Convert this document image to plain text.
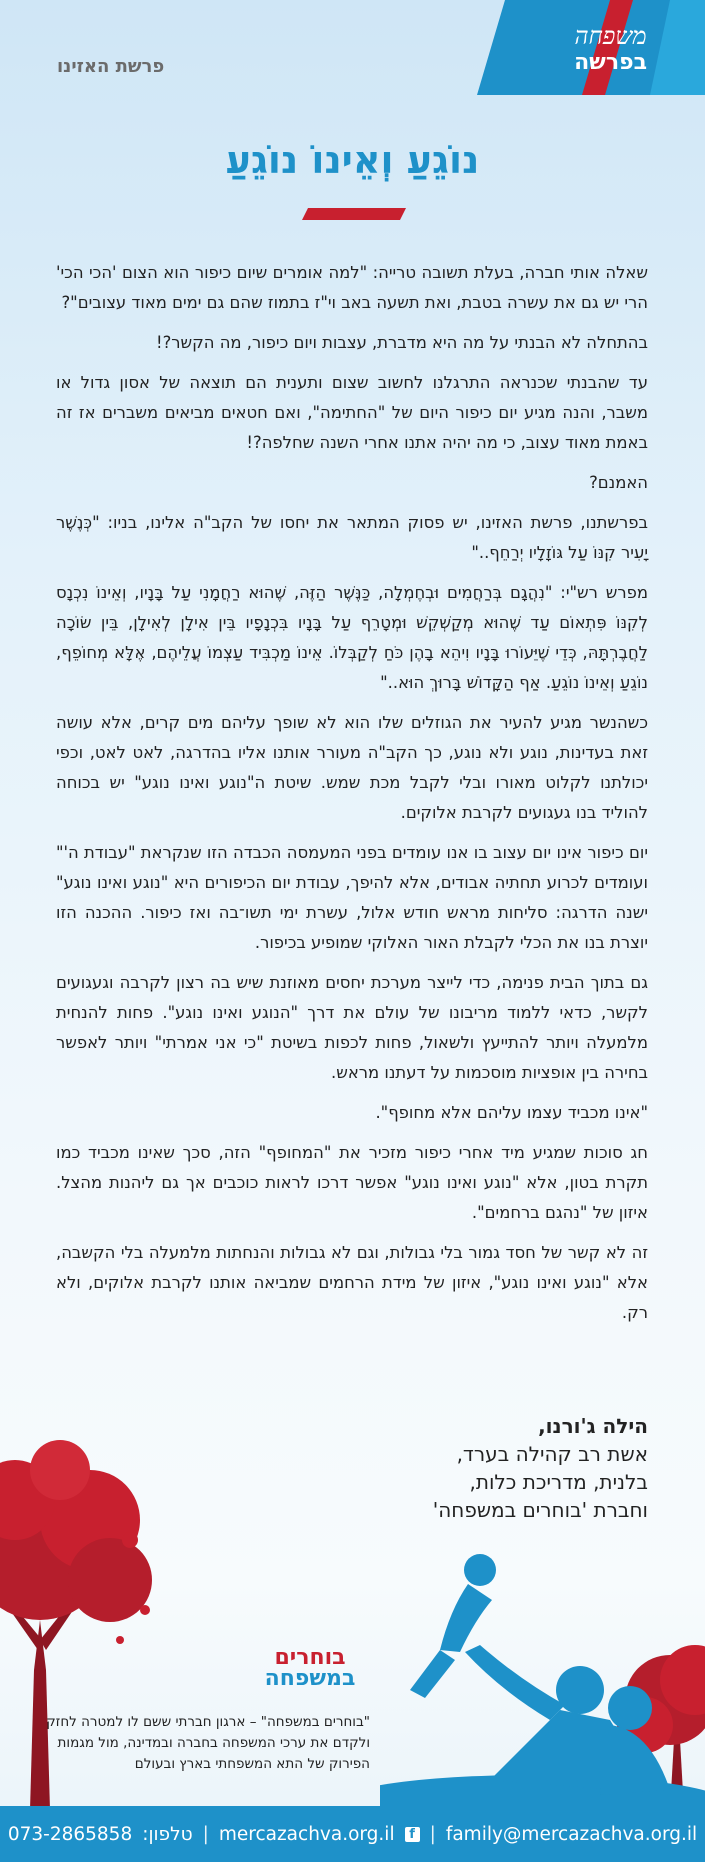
משפחה
בפרשה
פרשת האזינו
נוֹגֵעַ וְאֵינוֹ נוֹגֵעַ

שאלה אותי חברה, בעלת תשובה טרייה: "למה אומרים שיום כיפור הוא הצום 'הכי הכי' הרי יש גם את עשרה בטבת, ואת תשעה באב וי"ז בתמוז שהם גם ימים מאוד עצובים"?

בהתחלה לא הבנתי על מה היא מדברת, עצבות ויום כיפור, מה הקשר?!

עד שהבנתי שכנראה התרגלנו לחשוב שצום ותענית הם תוצאה של אסון גדול או משבר, והנה מגיע יום כיפור היום של "החתימה", ואם חטאים מביאים משברים אז זה באמת מאוד עצוב, כי מה יהיה אתנו אחרי השנה שחלפה?!

האמנם?

בפרשתנו, פרשת האזינו, יש פסוק המתאר את יחסו של הקב"ה אלינו, בניו: "כְּנֶשֶׁר יָעִיר קִנּוֹ עַל גּוֹזָלָיו יְרַחֵף.."

מפרש רש"י: "נִהֲגָם בְּרַחֲמִים וּבְחֶמְלָה, כַּנֶּשֶׁר הַזֶּה, שֶׁהוּא רַחֲמָנִי עַל בָּנָיו, וְאֵינוֹ נִכְנָס לְקִנּוֹ פִּתְאוֹם עַד שֶׁהוּא מְקַשְׁקֵשׁ וּמְטָרֵף עַל בָּנָיו בִּכְנָפָיו בֵּין אִילָן לְאִילָן, בֵּין שׂוֹכָה לַחֲבֶרְתָּהּ, כְּדֵי שֶׁיֵּעוֹרוּ בָּנָיו וִיהֵא בָהֶן כֹּחַ לְקַבְּלוֹ. אֵינוֹ מַכְבִּיד עַצְמוֹ עֲלֵיהֶם, אֶלָּא מְחוֹפֵף, נוֹגֵעַ וְאֵינוֹ נוֹגֵעַ. אַף הַקָּדוֹשׁ בָּרוּךְ הוּא.."

כשהנשר מגיע להעיר את הגוזלים שלו הוא לא שופך עליהם מים קרים, אלא עושה זאת בעדינות, נוגע ולא נוגע, כך הקב"ה מעורר אותנו אליו בהדרגה, לאט לאט, וכפי יכולתנו לקלוט מאורו ובלי לקבל מכת שמש. שיטת ה"נוגע ואינו נוגע" יש בכוחה להוליד בנו געגועים לקרבת אלוקים.

יום כיפור אינו יום עצוב בו אנו עומדים בפני המעמסה הכבדה הזו שנקראת "עבודת ה'" ועומדים לכרוע תחתיה אבודים, אלא להיפך, עבודת יום הכיפורים היא "נוגע ואינו נוגע" ישנה הדרגה: סליחות מראש חודש אלול, עשרת ימי תשו־בה ואז כיפור. ההכנה הזו יוצרת בנו את הכלי לקבלת האור האלוקי שמופיע בכיפור.

גם בתוך הבית פנימה, כדי לייצר מערכת יחסים מאוזנת שיש בה רצון לקרבה וגעגועים לקשר, כדאי ללמוד מריבונו של עולם את דרך "הנוגע ואינו נוגע". פחות להנחית מלמעלה ויותר להתייעץ ולשאול, פחות לכפות בשיטת "כי אני אמרתי" ויותר לאפשר בחירה בין אופציות מוסכמות על דעתנו מראש.

"אינו מכביד עצמו עליהם אלא מחופף".

חג סוכות שמגיע מיד אחרי כיפור מזכיר את "המחופף" הזה, סכך שאינו מכביד כמו תקרת בטון, אלא "נוגע ואינו נוגע" אפשר דרכו לראות כוכבים אך גם ליהנות מהצל. איזון של "נהגם ברחמים".

זה לא קשר של חסד גמור בלי גבולות, וגם לא גבולות והנחתות מלמעלה בלי הקשבה, אלא "נוגע ואינו נוגע", איזון של מידת הרחמים שמביאה אותנו לקרבת אלוקים, ולא רק.

הילה ג'ורנו,
אשת רב קהילה בערד,
בלנית, מדריכת כלות,
וחברת 'בוחרים במשפחה'
בוחרים
במשפחה
"בוחרים במשפחה" – ארגון חברתי ששם לו למטרה לחזק ולקדם את ערכי המשפחה בחברה ובמדינה, מול מגמות הפירוק של התא המשפחתי בארץ ובעולם
073-2865858 טלפון: | mercazachva.org.il	f | family@mercazachva.org.il
